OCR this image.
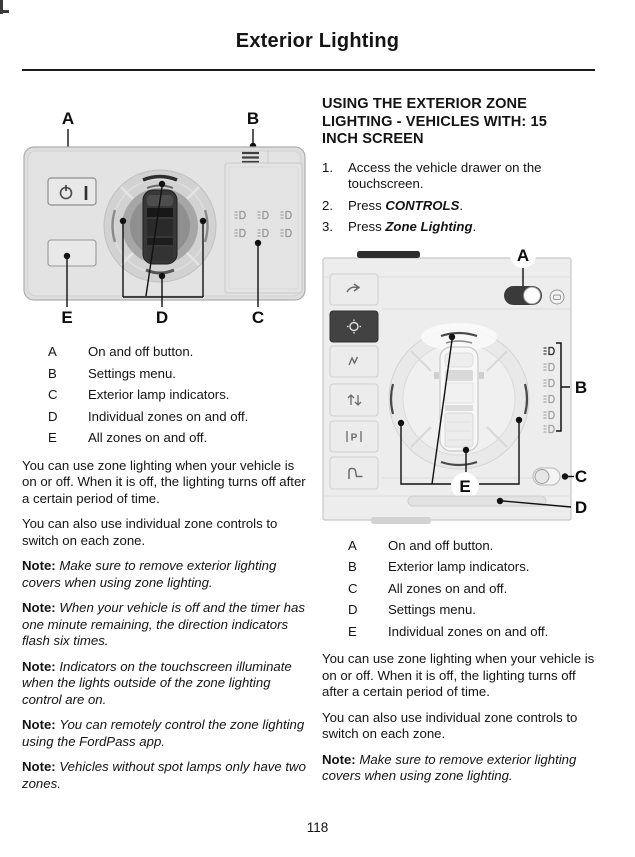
Exterior Lighting
A	B
C
D
E
A	On and off button.
B	Settings menu.
C	Exterior lamp indicators.
D	Individual zones on and off.
E	All zones on and off.

You can use zone lighting when your vehicle is on or off. When it is off, the lighting turns off after a certain period of time.

You can also use individual zone controls to switch on each zone.

Note: Make sure to remove exterior lighting covers when using zone lighting.

Note: When your vehicle is off and the timer has one minute remaining, the direction indicators flash six times.

Note: Indicators on the touchscreen illuminate when the lights outside of the zone lighting control are on.

Note: You can remotely control the zone lighting using the FordPass app.

Note: Vehicles without spot lamps only have two zones.

USING THE EXTERIOR ZONE
LIGHTING - VEHICLES WITH: 15
INCH SCREEN
1.	Access the vehicle drawer on the touchscreen.
2.	Press CONTROLS.
3.	Press Zone Lighting.
A
P
E
B
C
D
A	On and off button.
B	Exterior lamp indicators.
C	All zones on and off.
D	Settings menu.
E	Individual zones on and off.

You can use zone lighting when your vehicle is on or off. When it is off, the lighting turns off after a certain period of time.

You can also use individual zone controls to switch on each zone.

Note: Make sure to remove exterior lighting covers when using zone lighting.

118
